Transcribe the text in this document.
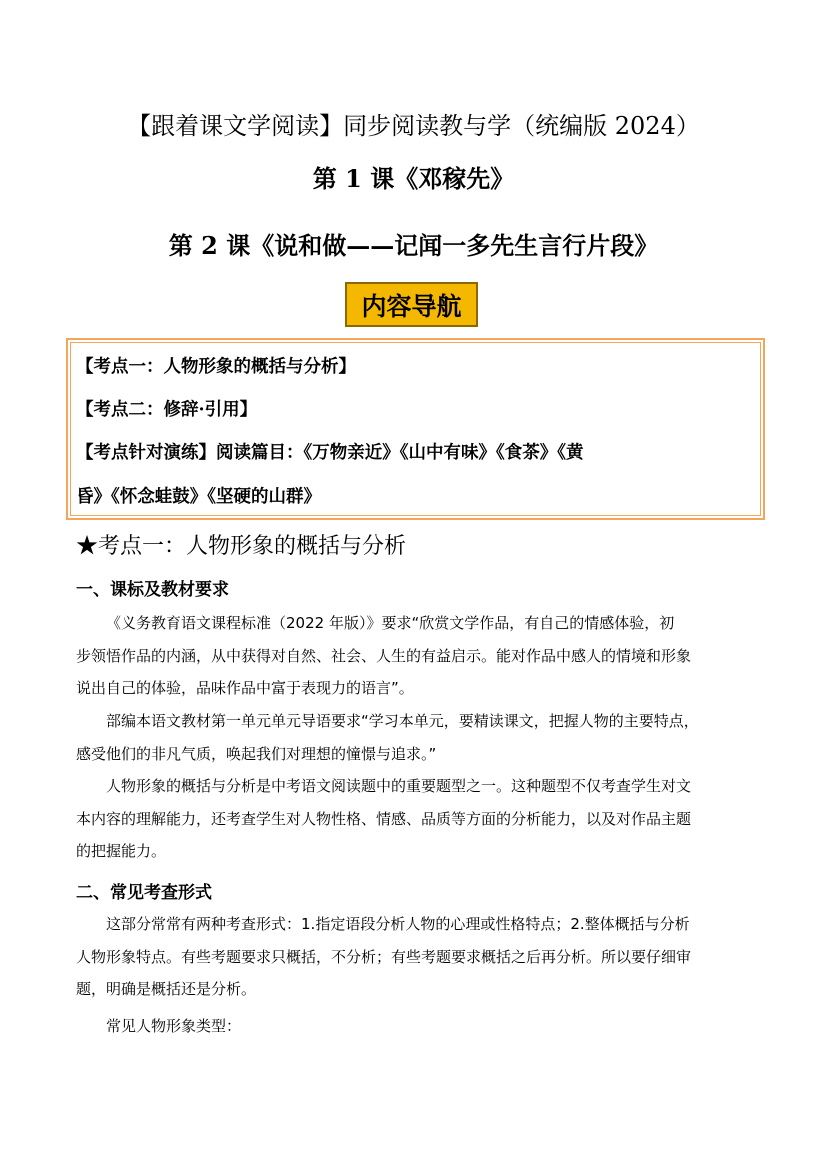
【跟着课文学阅读】同步阅读教与学（统编版 2024）
第 1 课《邓稼先》
第 2 课《说和做——记闻一多先生言行片段》
内容导航
【考点一：人物形象的概括与分析】
【考点二：修辞·引用】
【考点针对演练】阅读篇目：《万物亲近》《山中有味》《食茶》《黄
昏》《怀念蛙鼓》《坚硬的山群》
★考点一：人物形象的概括与分析
一、课标及教材要求
《义务教育语文课程标准（2022 年版）》要求“欣赏文学作品，有自己的情感体验，初
步领悟作品的内涵，从中获得对自然、社会、人生的有益启示。能对作品中感人的情境和形象
说出自己的体验，品味作品中富于表现力的语言”。
部编本语文教材第一单元单元导语要求“学习本单元，要精读课文，把握人物的主要特点，
感受他们的非凡气质，唤起我们对理想的憧憬与追求。”
人物形象的概括与分析是中考语文阅读题中的重要题型之一。这种题型不仅考查学生对文
本内容的理解能力，还考查学生对人物性格、情感、品质等方面的分析能力，以及对作品主题
的把握能力。
二、常见考查形式
这部分常常有两种考查形式：1.指定语段分析人物的心理或性格特点；2.整体概括与分析
人物形象特点。有些考题要求只概括，不分析；有些考题要求概括之后再分析。所以要仔细审
题，明确是概括还是分析。
常见人物形象类型：
